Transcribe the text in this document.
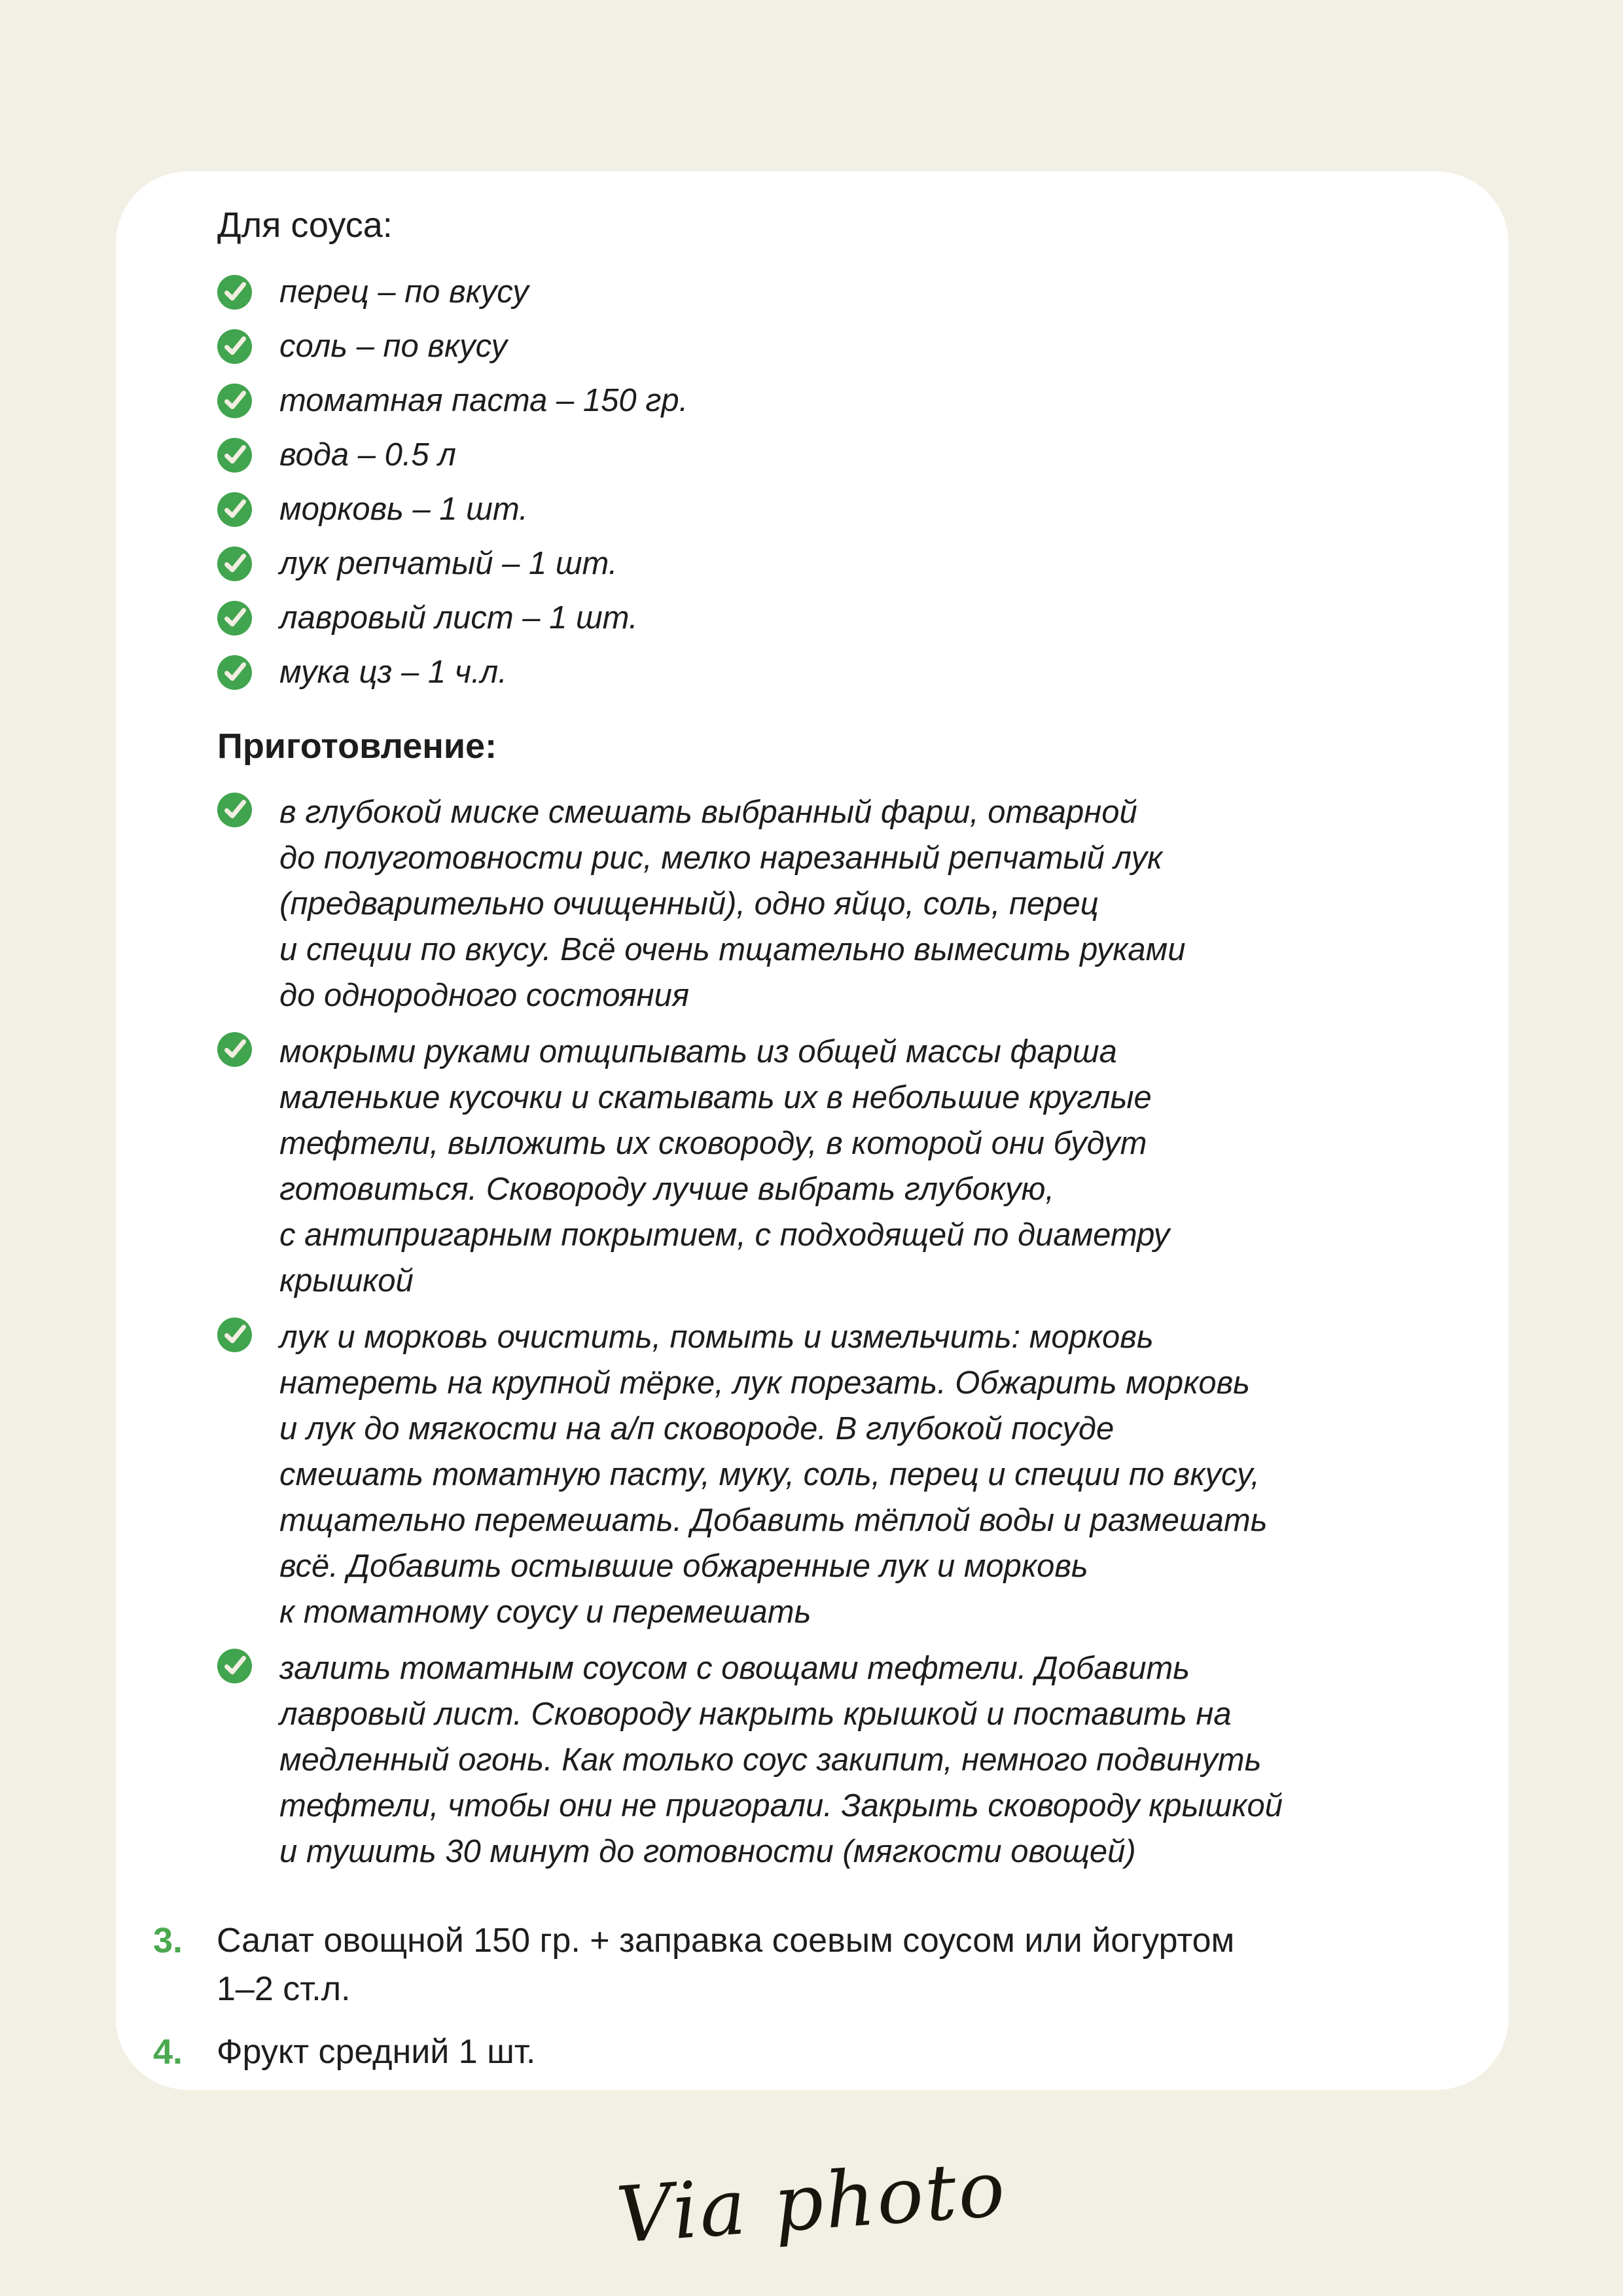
Для соуса:
перец – по вкусу
соль – по вкусу
томатная паста – 150 гр.
вода – 0.5 л
морковь – 1 шт.
лук репчатый – 1 шт.
лавровый лист – 1 шт.
мука цз – 1 ч.л.
Приготовление:
в глубокой миске смешать выбранный фарш, отварной
до полуготовности рис, мелко нарезанный репчатый лук
(предварительно очищенный), одно яйцо, соль, перец
и специи по вкусу. Всё очень тщательно вымесить руками
до однородного состояния
мокрыми руками отщипывать из общей массы фарша
маленькие кусочки и скатывать их в небольшие круглые
тефтели, выложить их сковороду, в которой они будут
готовиться. Сковороду лучше выбрать глубокую,
с антипригарным покрытием, с подходящей по диаметру
крышкой
лук и морковь очистить, помыть и измельчить: морковь
натереть на крупной тёрке, лук порезать. Обжарить морковь
и лук до мягкости на а/п сковороде. В глубокой посуде
смешать томатную пасту, муку, соль, перец и специи по вкусу,
тщательно перемешать. Добавить тёплой воды и размешать
всё. Добавить остывшие обжаренные лук и морковь
к томатному соусу и перемешать
залить томатным соусом с овощами тефтели. Добавить
лавровый лист. Сковороду накрыть крышкой и поставить на
медленный огонь. Как только соус закипит, немного подвинуть
тефтели, чтобы они не пригорали. Закрыть сковороду крышкой
и тушить 30 минут до готовности (мягкости овощей)
3. Салат овощной 150 гр. + заправка соевым соусом или йогуртом
1–2 ст.л.
4. Фрукт средний 1 шт.
Via photo
